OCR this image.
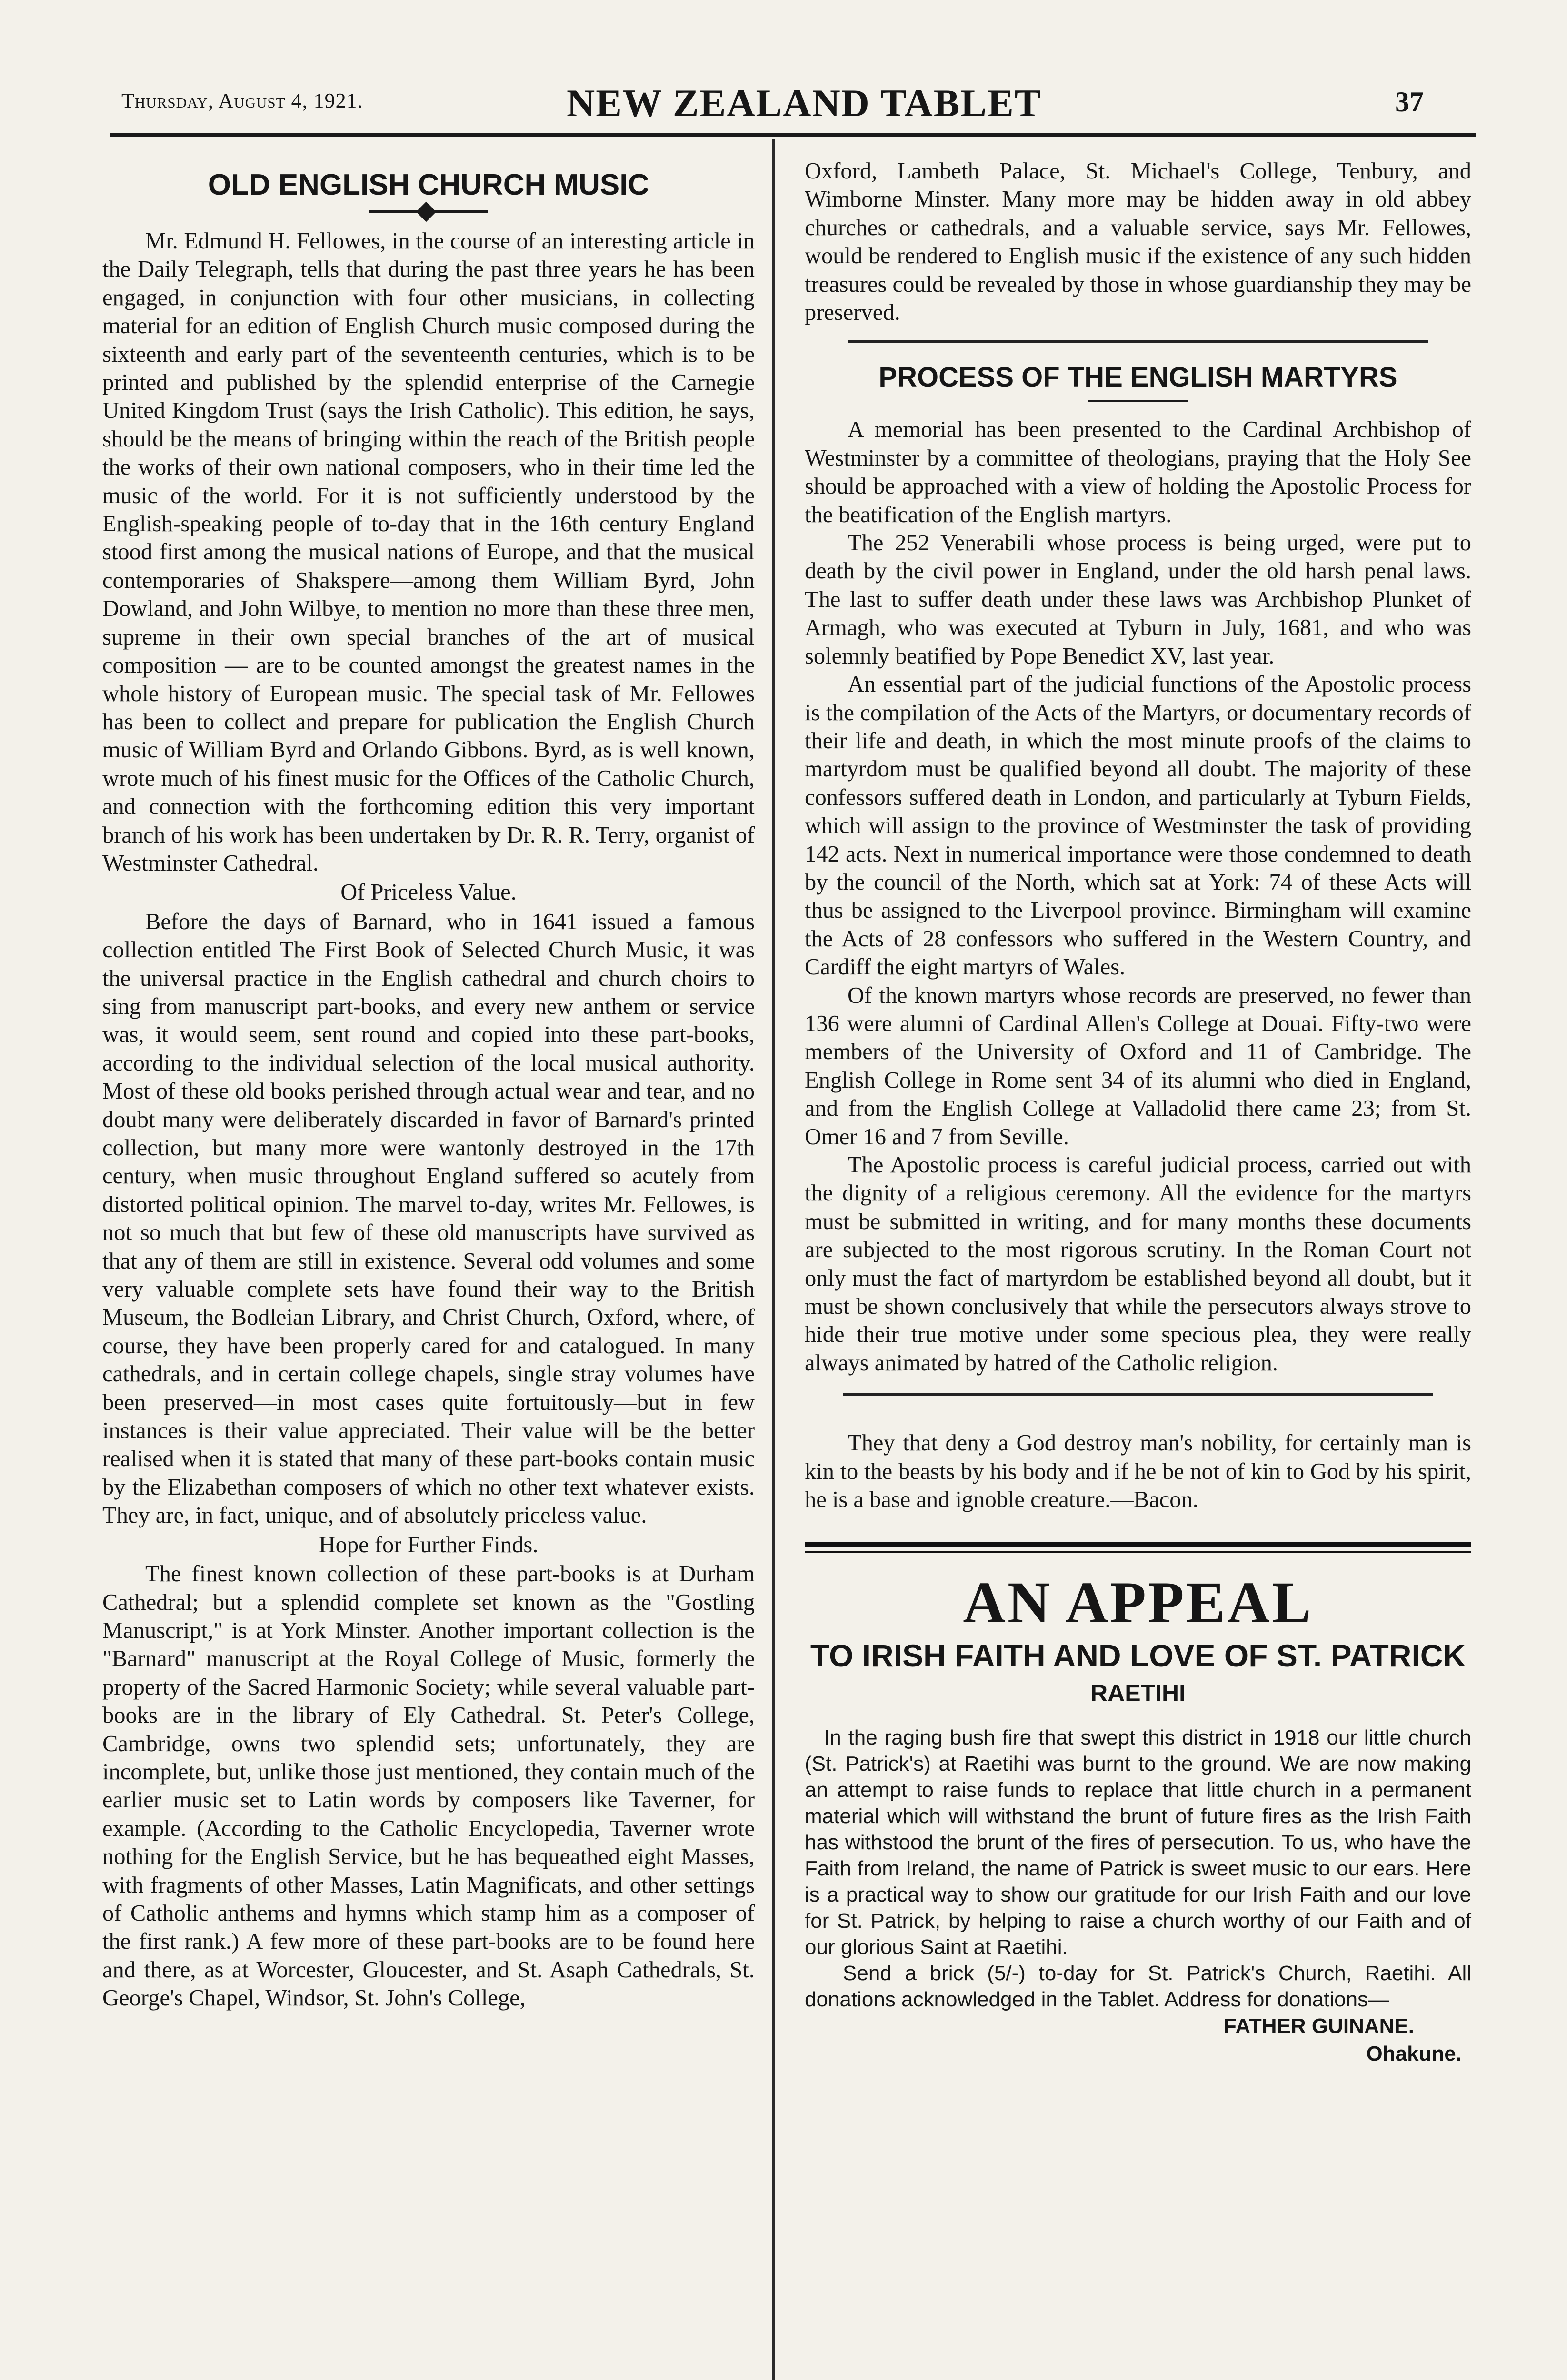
Thursday, August 4, 1921.	NEW ZEALAND TABLET	37
OLD ENGLISH CHURCH MUSIC

Mr. Edmund H. Fellowes, in the course of an interesting article in the Daily Telegraph, tells that during the past three years he has been engaged, in conjunction with four other musicians, in collecting material for an edition of English Church music composed during the sixteenth and early part of the seventeenth centuries, which is to be printed and published by the splendid enterprise of the Carnegie United Kingdom Trust (says the Irish Catholic). This edition, he says, should be the means of bringing within the reach of the British people the works of their own national composers, who in their time led the music of the world. For it is not sufficiently understood by the English-speaking people of to-day that in the 16th century England stood first among the musical nations of Europe, and that the musical contemporaries of Shakspere—among them William Byrd, John Dowland, and John Wilbye, to mention no more than these three men, supreme in their own special branches of the art of musical composition — are to be counted amongst the greatest names in the whole history of European music. The special task of Mr. Fellowes has been to collect and prepare for publication the English Church music of William Byrd and Orlando Gibbons. Byrd, as is well known, wrote much of his finest music for the Offices of the Catholic Church, and connection with the forthcoming edition this very important branch of his work has been undertaken by Dr. R. R. Terry, organist of Westminster Cathedral.

Of Priceless Value.

Before the days of Barnard, who in 1641 issued a famous collection entitled The First Book of Selected Church Music, it was the universal practice in the English cathedral and church choirs to sing from manuscript part-books, and every new anthem or service was, it would seem, sent round and copied into these part-books, according to the individual selection of the local musical authority. Most of these old books perished through actual wear and tear, and no doubt many were deliberately discarded in favor of Barnard's printed collection, but many more were wantonly destroyed in the 17th century, when music throughout England suffered so acutely from distorted political opinion. The marvel to-day, writes Mr. Fellowes, is not so much that but few of these old manuscripts have survived as that any of them are still in existence. Several odd volumes and some very valuable complete sets have found their way to the British Museum, the Bodleian Library, and Christ Church, Oxford, where, of course, they have been properly cared for and catalogued. In many cathedrals, and in certain college chapels, single stray volumes have been preserved—in most cases quite fortuitously—but in few instances is their value appreciated. Their value will be the better realised when it is stated that many of these part-books contain music by the Elizabethan composers of which no other text whatever exists. They are, in fact, unique, and of absolutely priceless value.

Hope for Further Finds.

The finest known collection of these part-books is at Durham Cathedral; but a splendid complete set known as the "Gostling Manuscript," is at York Minster. Another important collection is the "Barnard" manuscript at the Royal College of Music, formerly the property of the Sacred Harmonic Society; while several valuable part-books are in the library of Ely Cathedral. St. Peter's College, Cambridge, owns two splendid sets; unfortunately, they are incomplete, but, unlike those just mentioned, they contain much of the earlier music set to Latin words by composers like Taverner, for example. (According to the Catholic Encyclopedia, Taverner wrote nothing for the English Service, but he has bequeathed eight Masses, with fragments of other Masses, Latin Magnificats, and other settings of Catholic anthems and hymns which stamp him as a composer of the first rank.) A few more of these part-books are to be found here and there, as at Worcester, Gloucester, and St. Asaph Cathedrals, St. George's Chapel, Windsor, St. John's College,

Oxford, Lambeth Palace, St. Michael's College, Tenbury, and Wimborne Minster. Many more may be hidden away in old abbey churches or cathedrals, and a valuable service, says Mr. Fellowes, would be rendered to English music if the existence of any such hidden treasures could be revealed by those in whose guardianship they may be preserved.

PROCESS OF THE ENGLISH MARTYRS

A memorial has been presented to the Cardinal Archbishop of Westminster by a committee of theologians, praying that the Holy See should be approached with a view of holding the Apostolic Process for the beatification of the English martyrs.

The 252 Venerabili whose process is being urged, were put to death by the civil power in England, under the old harsh penal laws. The last to suffer death under these laws was Archbishop Plunket of Armagh, who was executed at Tyburn in July, 1681, and who was solemnly beatified by Pope Benedict XV, last year.

An essential part of the judicial functions of the Apostolic process is the compilation of the Acts of the Martyrs, or documentary records of their life and death, in which the most minute proofs of the claims to martyrdom must be qualified beyond all doubt. The majority of these confessors suffered death in London, and particularly at Tyburn Fields, which will assign to the province of Westminster the task of providing 142 acts. Next in numerical importance were those condemned to death by the council of the North, which sat at York: 74 of these Acts will thus be assigned to the Liverpool province. Birmingham will examine the Acts of 28 confessors who suffered in the Western Country, and Cardiff the eight martyrs of Wales.

Of the known martyrs whose records are preserved, no fewer than 136 were alumni of Cardinal Allen's College at Douai. Fifty-two were members of the University of Oxford and 11 of Cambridge. The English College in Rome sent 34 of its alumni who died in England, and from the English College at Valladolid there came 23; from St. Omer 16 and 7 from Seville.

The Apostolic process is careful judicial process, carried out with the dignity of a religious ceremony. All the evidence for the martyrs must be submitted in writing, and for many months these documents are subjected to the most rigorous scrutiny. In the Roman Court not only must the fact of martyrdom be established beyond all doubt, but it must be shown conclusively that while the persecutors always strove to hide their true motive under some specious plea, they were really always animated by hatred of the Catholic religion.

They that deny a God destroy man's nobility, for certainly man is kin to the beasts by his body and if he be not of kin to God by his spirit, he is a base and ignoble creature.—Bacon.

AN APPEAL
TO IRISH FAITH AND LOVE OF ST. PATRICK
RAETIHI

In the raging bush fire that swept this district in 1918 our little church (St. Patrick's) at Raetihi was burnt to the ground. We are now making an attempt to raise funds to replace that little church in a permanent material which will withstand the brunt of future fires as the Irish Faith has withstood the brunt of the fires of persecution. To us, who have the Faith from Ireland, the name of Patrick is sweet music to our ears. Here is a practical way to show our gratitude for our Irish Faith and our love for St. Patrick, by helping to raise a church worthy of our Faith and of our glorious Saint at Raetihi.

Send a brick (5/-) to-day for St. Patrick's Church, Raetihi. All donations acknowledged in the Tablet. Address for donations—

FATHER GUINANE.
Ohakune.
